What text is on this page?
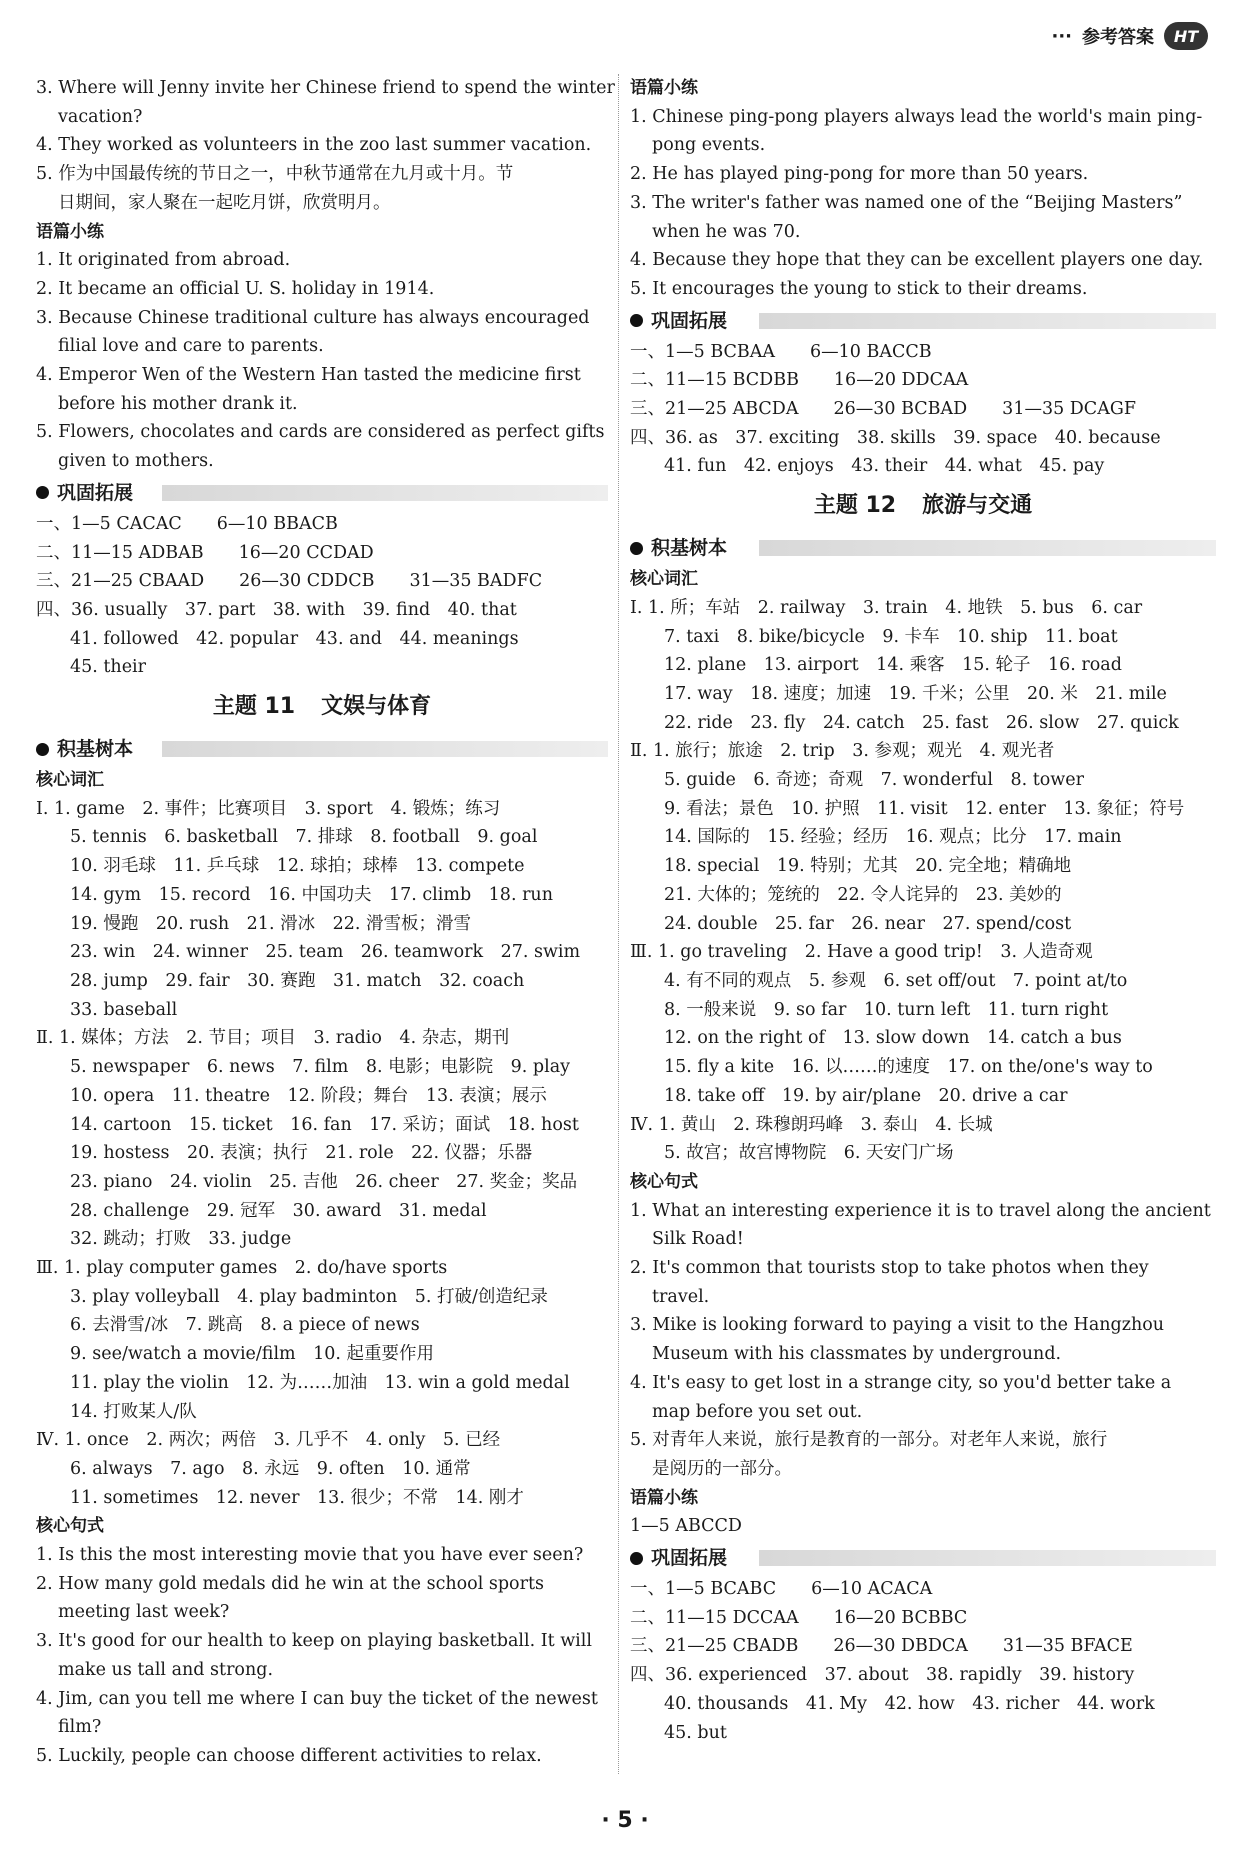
··· 参考答案	HT
3. Where will Jenny invite her Chinese friend to spend the winter
vacation?
4. They worked as volunteers in the zoo last summer vacation.
5. 作为中国最传统的节日之一，中秋节通常在九月或十月。节
日期间，家人聚在一起吃月饼，欣赏明月。
语篇小练
1. It originated from abroad.
2. It became an official U. S. holiday in 1914.
3. Because Chinese traditional culture has always encouraged
filial love and care to parents.
4. Emperor Wen of the Western Han tasted the medicine first
before his mother drank it.
5. Flowers, chocolates and cards are considered as perfect gifts
given to mothers.
巩固拓展
一、1—5 CACAC　　6—10 BBACB
二、11—15 ADBAB　　16—20 CCDAD
三、21—25 CBAAD　　26—30 CDDCB　　31—35 BADFC
四、36. usually　37. part　38. with　39. find　40. that
41. followed　42. popular　43. and　44. meanings
45. their
主题 11 文娱与体育
积基树本
核心词汇
Ⅰ. 1. game　2. 事件；比赛项目　3. sport　4. 锻炼；练习
5. tennis　6. basketball　7. 排球　8. football　9. goal
10. 羽毛球　11. 乒乓球　12. 球拍；球棒　13. compete
14. gym　15. record　16. 中国功夫　17. climb　18. run
19. 慢跑　20. rush　21. 滑冰　22. 滑雪板；滑雪
23. win　24. winner　25. team　26. teamwork　27. swim
28. jump　29. fair　30. 赛跑　31. match　32. coach
33. baseball
Ⅱ. 1. 媒体；方法　2. 节目；项目　3. radio　4. 杂志，期刊
5. newspaper　6. news　7. film　8. 电影；电影院　9. play
10. opera　11. theatre　12. 阶段；舞台　13. 表演；展示
14. cartoon　15. ticket　16. fan　17. 采访；面试　18. host
19. hostess　20. 表演；执行　21. role　22. 仪器；乐器
23. piano　24. violin　25. 吉他　26. cheer　27. 奖金；奖品
28. challenge　29. 冠军　30. award　31. medal
32. 跳动；打败　33. judge
Ⅲ. 1. play computer games　2. do/have sports
3. play volleyball　4. play badminton　5. 打破/创造纪录
6. 去滑雪/冰　7. 跳高　8. a piece of news
9. see/watch a movie/film　10. 起重要作用
11. play the violin　12. 为……加油　13. win a gold medal
14. 打败某人/队
Ⅳ. 1. once　2. 两次；两倍　3. 几乎不　4. only　5. 已经
6. always　7. ago　8. 永远　9. often　10. 通常
11. sometimes　12. never　13. 很少；不常　14. 刚才
核心句式
1. Is this the most interesting movie that you have ever seen?
2. How many gold medals did he win at the school sports
meeting last week?
3. It's good for our health to keep on playing basketball. It will
make us tall and strong.
4. Jim, can you tell me where I can buy the ticket of the newest
film?
5. Luckily, people can choose different activities to relax.
语篇小练
1. Chinese ping-pong players always lead the world's main ping-
pong events.
2. He has played ping-pong for more than 50 years.
3. The writer's father was named one of the “Beijing Masters”
when he was 70.
4. Because they hope that they can be excellent players one day.
5. It encourages the young to stick to their dreams.
巩固拓展
一、1—5 BCBAA　　6—10 BACCB
二、11—15 BCDBB　　16—20 DDCAA
三、21—25 ABCDA　　26—30 BCBAD　　31—35 DCAGF
四、36. as　37. exciting　38. skills　39. space　40. because
41. fun　42. enjoys　43. their　44. what　45. pay
主题 12 旅游与交通
积基树本
核心词汇
Ⅰ. 1. 所；车站　2. railway　3. train　4. 地铁　5. bus　6. car
7. taxi　8. bike/bicycle　9. 卡车　10. ship　11. boat
12. plane　13. airport　14. 乘客　15. 轮子　16. road
17. way　18. 速度；加速　19. 千米；公里　20. 米　21. mile
22. ride　23. fly　24. catch　25. fast　26. slow　27. quick
Ⅱ. 1. 旅行；旅途　2. trip　3. 参观；观光　4. 观光者
5. guide　6. 奇迹；奇观　7. wonderful　8. tower
9. 看法；景色　10. 护照　11. visit　12. enter　13. 象征；符号
14. 国际的　15. 经验；经历　16. 观点；比分　17. main
18. special　19. 特别；尤其　20. 完全地；精确地
21. 大体的；笼统的　22. 令人诧异的　23. 美妙的
24. double　25. far　26. near　27. spend/cost
Ⅲ. 1. go traveling　2. Have a good trip!　3. 人造奇观
4. 有不同的观点　5. 参观　6. set off/out　7. point at/to
8. 一般来说　9. so far　10. turn left　11. turn right
12. on the right of　13. slow down　14. catch a bus
15. fly a kite　16. 以……的速度　17. on the/one's way to
18. take off　19. by air/plane　20. drive a car
Ⅳ. 1. 黄山　2. 珠穆朗玛峰　3. 泰山　4. 长城
5. 故宫；故宫博物院　6. 天安门广场
核心句式
1. What an interesting experience it is to travel along the ancient
Silk Road!
2. It's common that tourists stop to take photos when they
travel.
3. Mike is looking forward to paying a visit to the Hangzhou
Museum with his classmates by underground.
4. It's easy to get lost in a strange city, so you'd better take a
map before you set out.
5. 对青年人来说，旅行是教育的一部分。对老年人来说，旅行
是阅历的一部分。
语篇小练
1—5 ABCCD
巩固拓展
一、1—5 BCABC　　6—10 ACACA
二、11—15 DCCAA　　16—20 BCBBC
三、21—25 CBADB　　26—30 DBDCA　　31—35 BFACE
四、36. experienced　37. about　38. rapidly　39. history
40. thousands　41. My　42. how　43. richer　44. work
45. but
· 5 ·
